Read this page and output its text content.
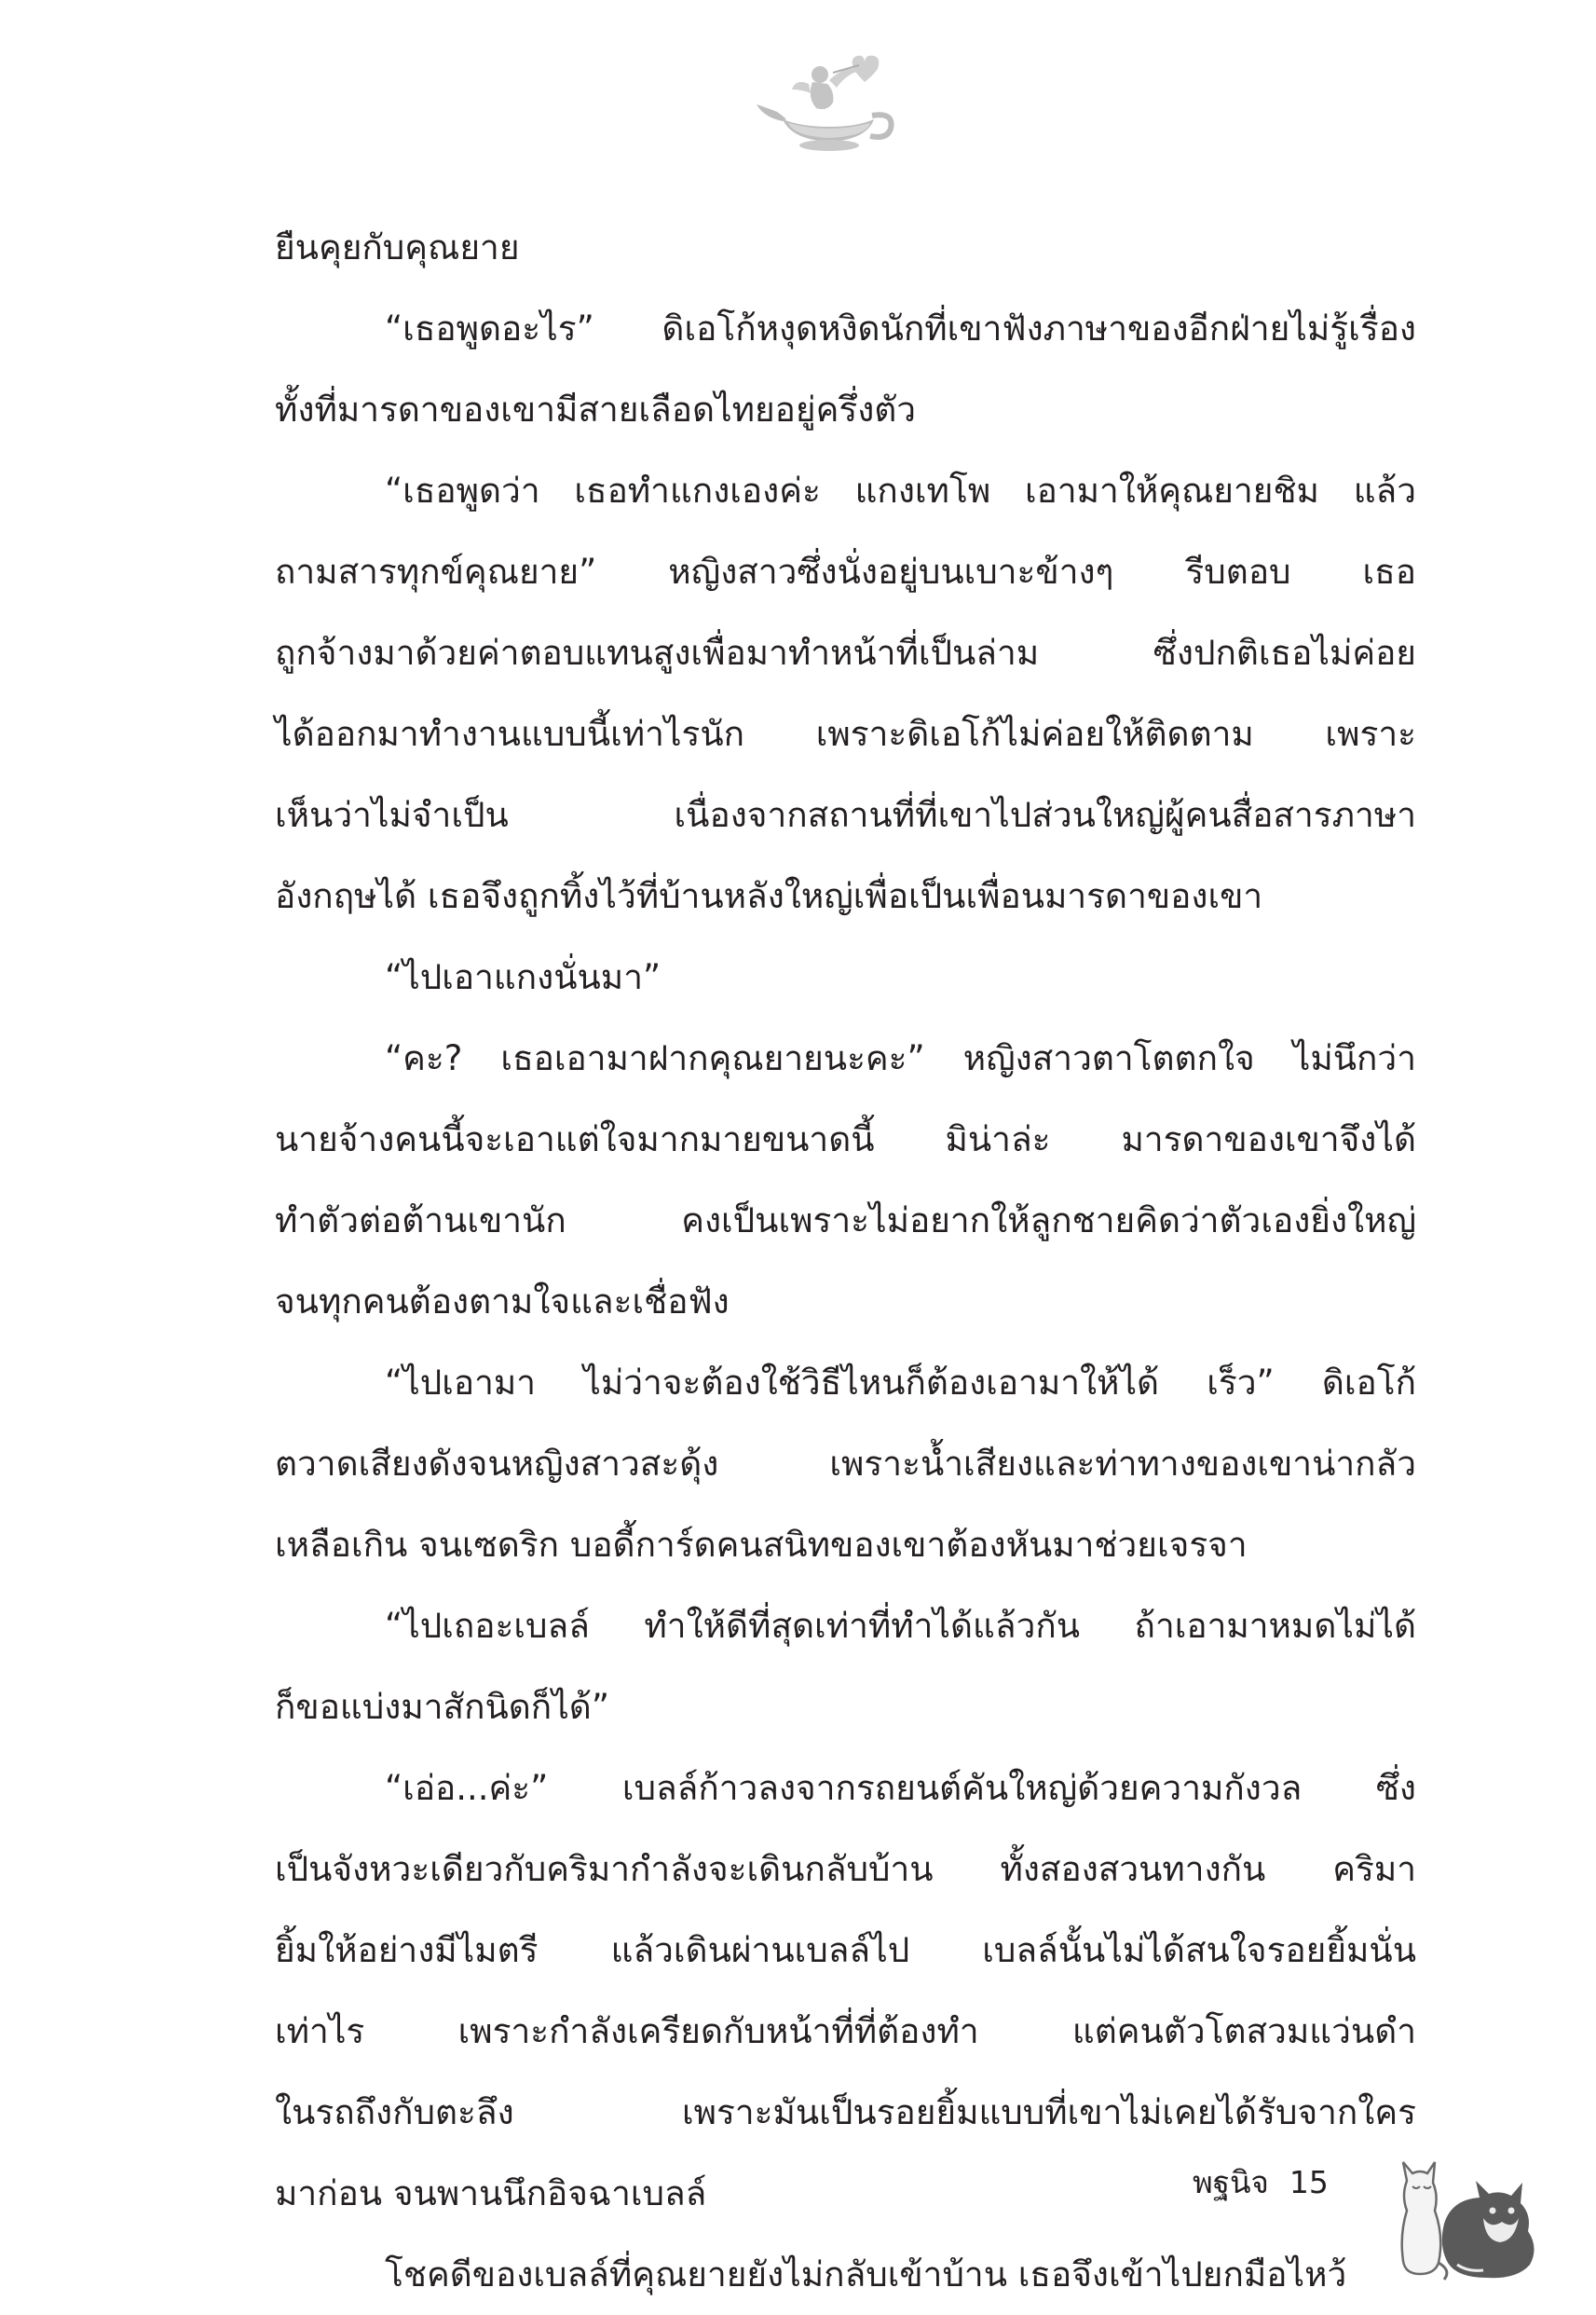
ยืนคุยกับคุณยาย
“เธอพูดอะไร” ดิเอโก้หงุดหงิดนักที่เขาฟังภาษาของอีกฝ่ายไม่รู้เรื่อง
ทั้งที่มารดาของเขามีสายเลือดไทยอยู่ครึ่งตัว
“เธอพูดว่า เธอทำแกงเองค่ะ แกงเทโพ เอามาให้คุณยายชิม แล้ว
ถามสารทุกข์คุณยาย” หญิงสาวซึ่งนั่งอยู่บนเบาะข้างๆ รีบตอบ เธอ
ถูกจ้างมาด้วยค่าตอบแทนสูงเพื่อมาทำหน้าที่เป็นล่าม ซึ่งปกติเธอไม่ค่อย
ได้ออกมาทำงานแบบนี้เท่าไรนัก เพราะดิเอโก้ไม่ค่อยให้ติดตาม เพราะ
เห็นว่าไม่จำเป็น เนื่องจากสถานที่ที่เขาไปส่วนใหญ่ผู้คนสื่อสารภาษา
อังกฤษได้ เธอจึงถูกทิ้งไว้ที่บ้านหลังใหญ่เพื่อเป็นเพื่อนมารดาของเขา
“ไปเอาแกงนั่นมา”
“คะ? เธอเอามาฝากคุณยายนะคะ” หญิงสาวตาโตตกใจ ไม่นึกว่า
นายจ้างคนนี้จะเอาแต่ใจมากมายขนาดนี้ มิน่าล่ะ มารดาของเขาจึงได้
ทำตัวต่อต้านเขานัก คงเป็นเพราะไม่อยากให้ลูกชายคิดว่าตัวเองยิ่งใหญ่
จนทุกคนต้องตามใจและเชื่อฟัง
“ไปเอามา ไม่ว่าจะต้องใช้วิธีไหนก็ต้องเอามาให้ได้ เร็ว” ดิเอโก้
ตวาดเสียงดังจนหญิงสาวสะดุ้ง เพราะน้ำเสียงและท่าทางของเขาน่ากลัว
เหลือเกิน จนเซดริก บอดี้การ์ดคนสนิทของเขาต้องหันมาช่วยเจรจา
“ไปเถอะเบลล์ ทำให้ดีที่สุดเท่าที่ทำได้แล้วกัน ถ้าเอามาหมดไม่ได้
ก็ขอแบ่งมาสักนิดก็ได้”
“เอ่อ...ค่ะ” เบลล์ก้าวลงจากรถยนต์คันใหญ่ด้วยความกังวล ซึ่ง
เป็นจังหวะเดียวกับคริมากำลังจะเดินกลับบ้าน ทั้งสองสวนทางกัน คริมา
ยิ้มให้อย่างมีไมตรี แล้วเดินผ่านเบลล์ไป เบลล์นั้นไม่ได้สนใจรอยยิ้มนั่น
เท่าไร เพราะกำลังเครียดกับหน้าที่ที่ต้องทำ แต่คนตัวโตสวมแว่นดำ
ในรถถึงกับตะลึง เพราะมันเป็นรอยยิ้มแบบที่เขาไม่เคยได้รับจากใคร
มาก่อน จนพานนึกอิจฉาเบลล์
โชคดีของเบลล์ที่คุณยายยังไม่กลับเข้าบ้าน เธอจึงเข้าไปยกมือไหว้
พฐนิจ 15
